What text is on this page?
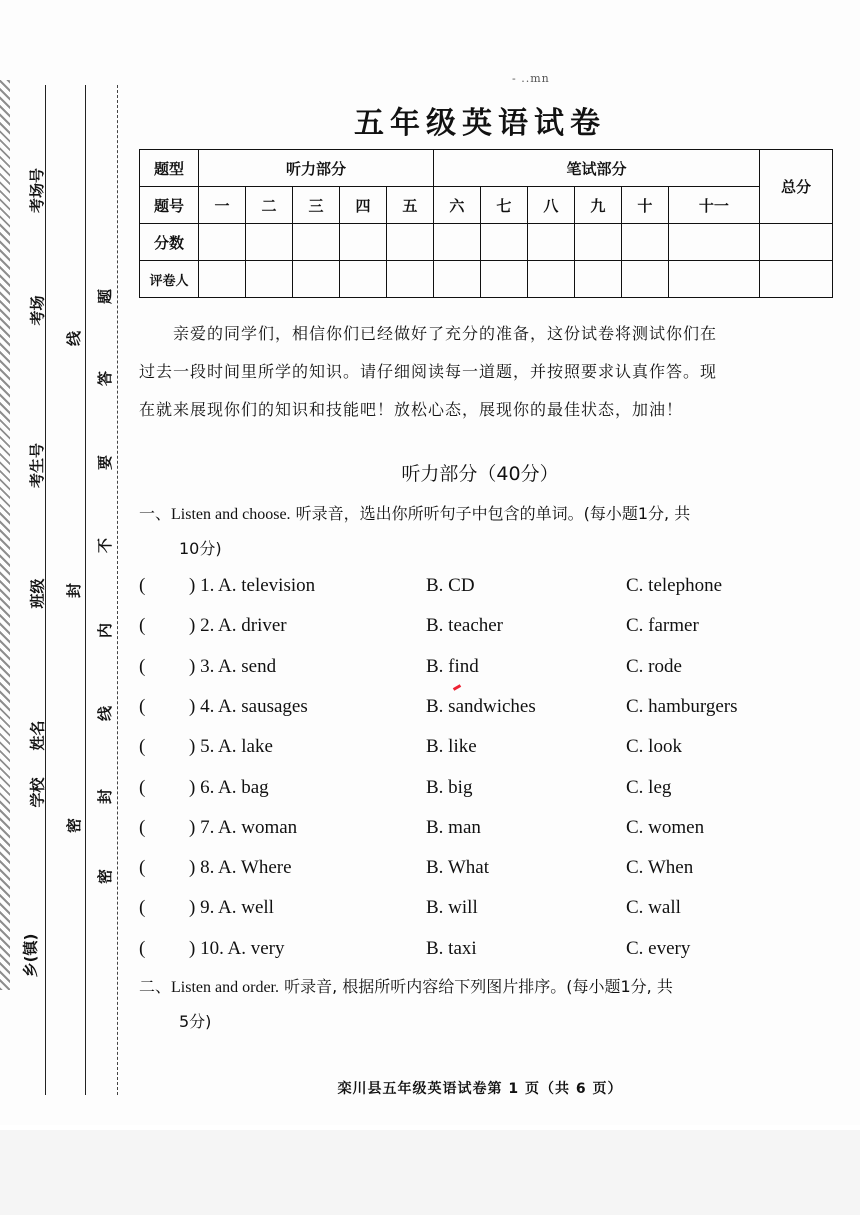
考场号
考场
考生号
班级
姓名
学校
乡(镇)
线
封
密
题
答
要
不
内
线
封
密
- ..mn
五年级英语试卷
题型	听力部分					笔试部分						总分
题号	一	二	三	四	五	六	七	八	九	十	十一	
分数												
评卷人												

亲爱的同学们，相信你们已经做好了充分的准备，这份试卷将测试你们在

过去一段时间里所学的知识。请仔细阅读每一道题，并按照要求认真作答。现

在就来展现你们的知识和技能吧！放松心态，展现你的最佳状态，加油！

听力部分（40分）
一、Listen and choose. 听录音，选出你所听句子中包含的单词。(每小题1分, 共
10分)
( ) 1. A. television	B. CD	C. telephone
( ) 2. A. driver	B. teacher	C. farmer
( ) 3. A. send	B. find	C. rode
( ) 4. A. sausages	B. sandwiches	C. hamburgers
( ) 5. A. lake	B. like	C. look
( ) 6. A. bag	B. big	C. leg
( ) 7. A. woman	B. man	C. women
( ) 8. A. Where	B. What	C. When
( ) 9. A. well	B. will	C. wall
( ) 10. A. very	B. taxi	C. every
二、Listen and order. 听录音, 根据所听内容给下列图片排序。(每小题1分, 共
5分)
栾川县五年级英语试卷第 1 页（共 6 页）
